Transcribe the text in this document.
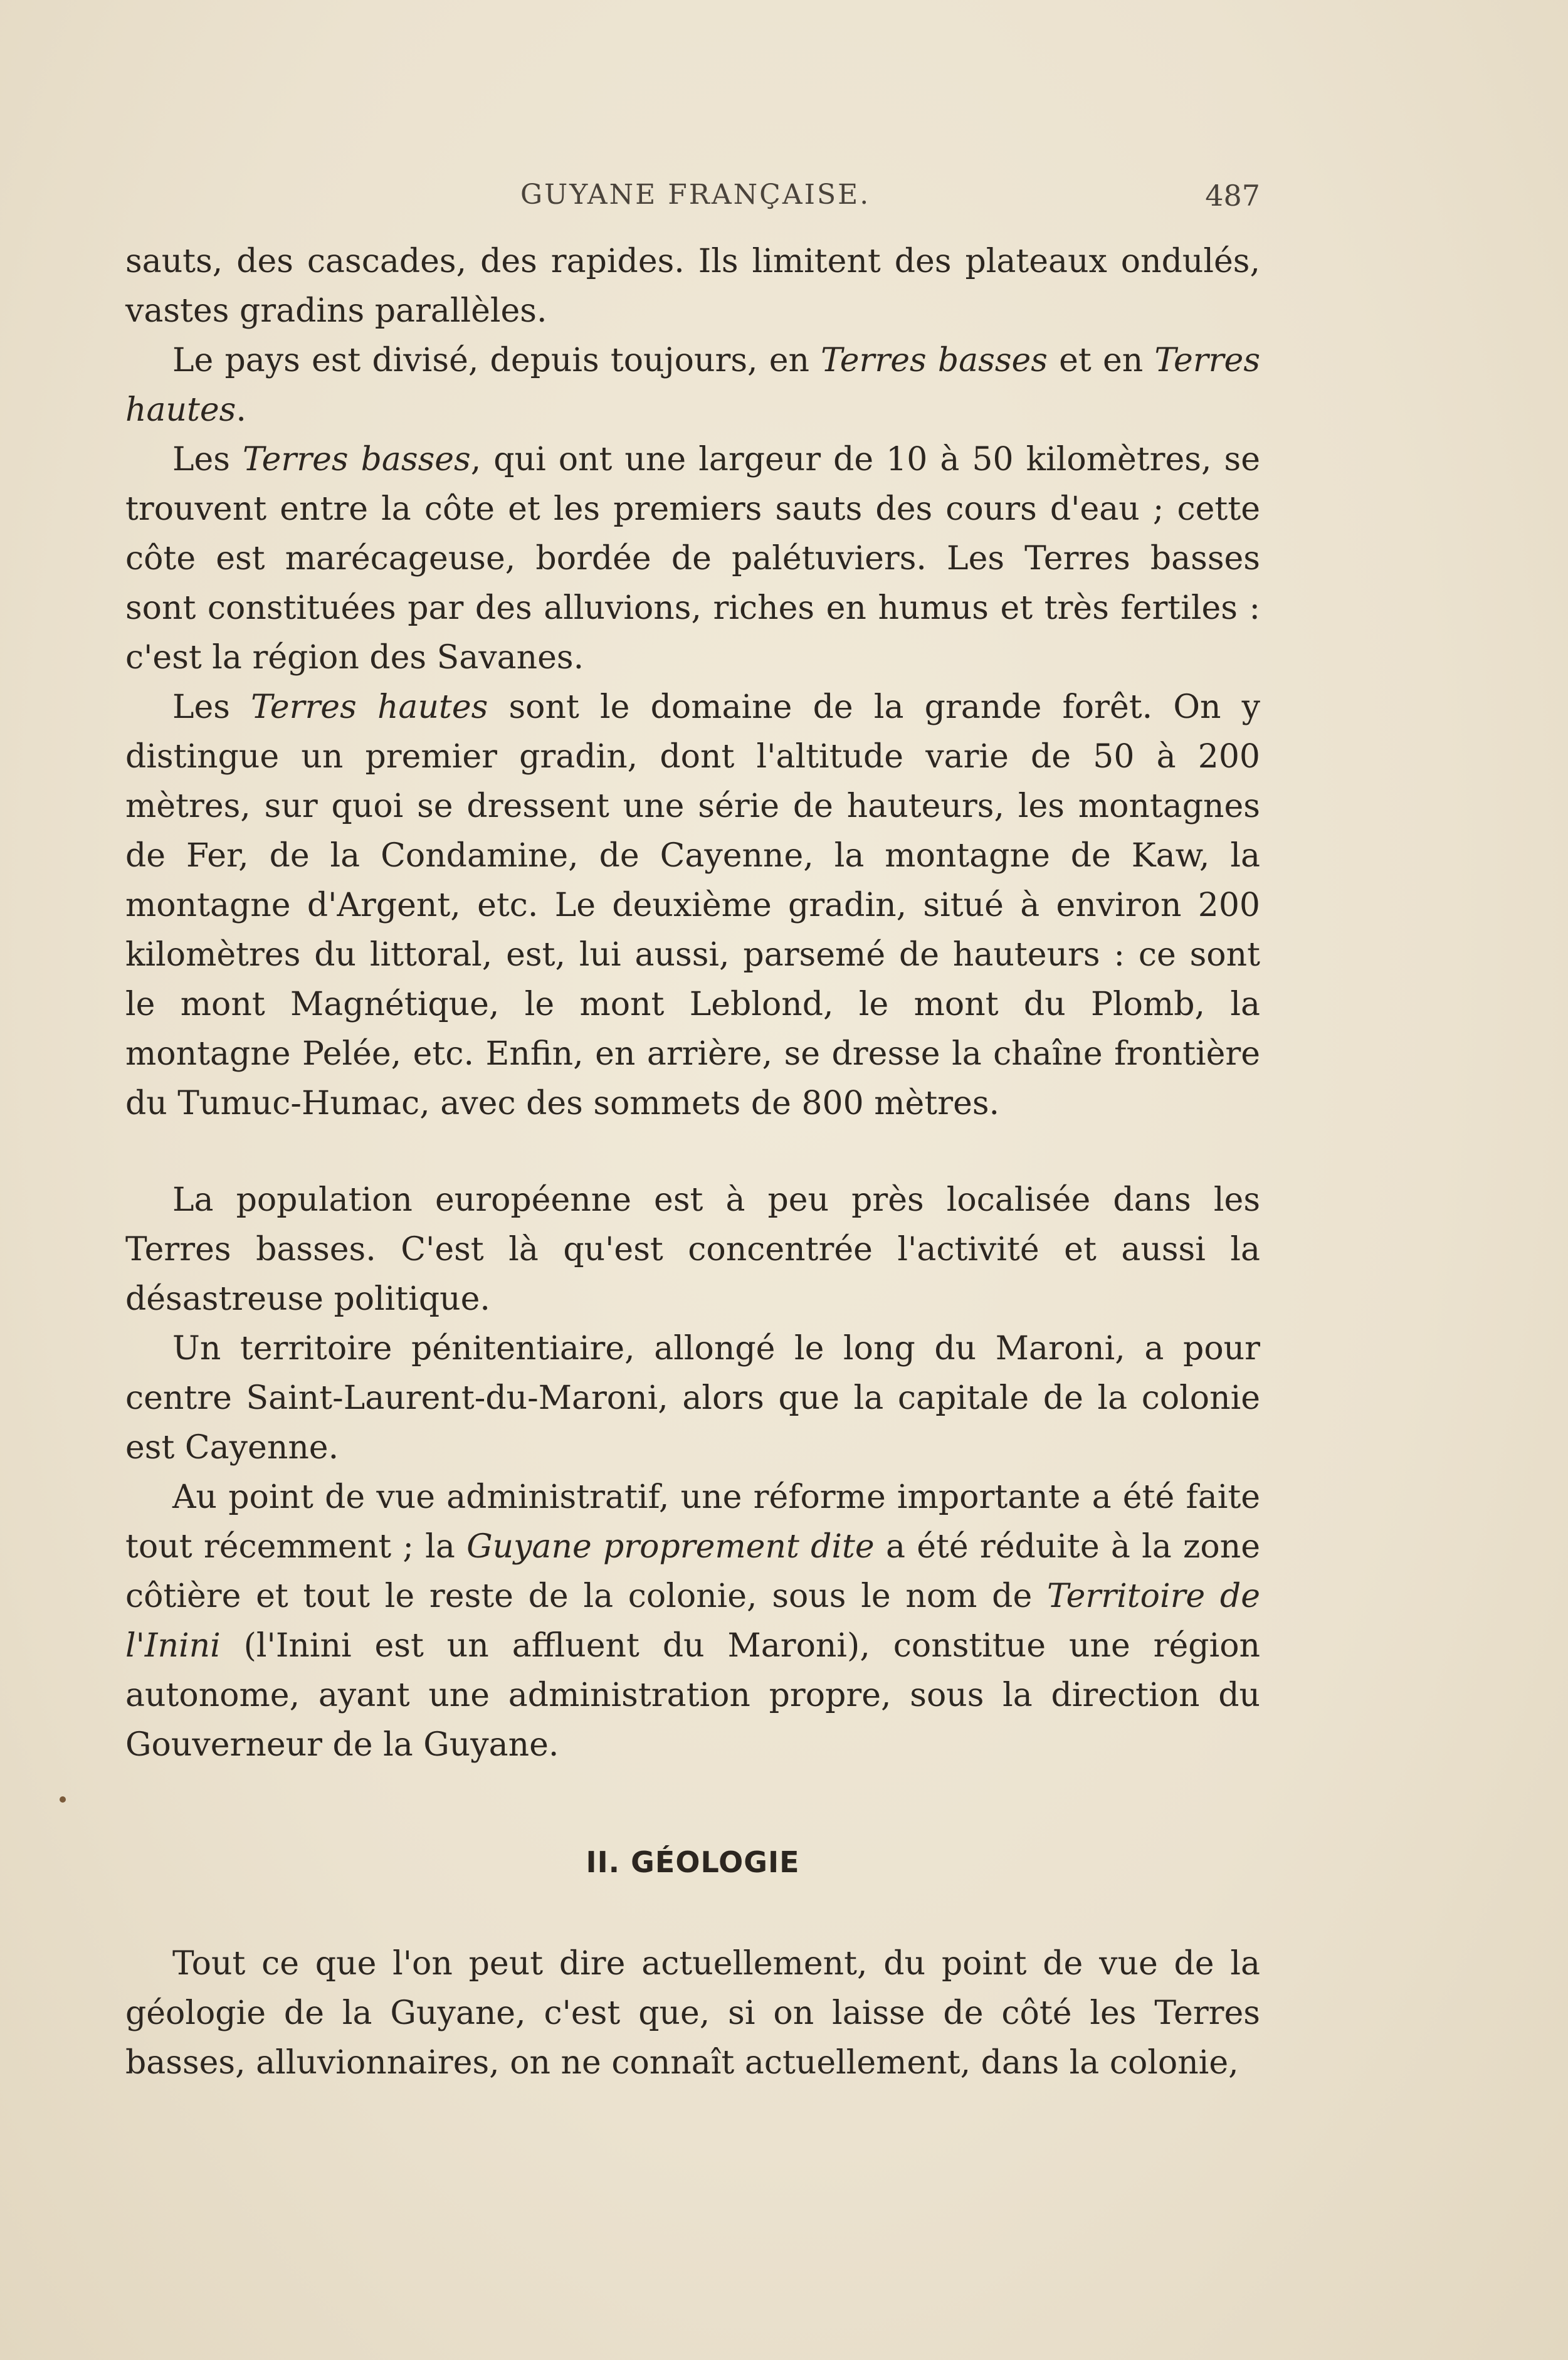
GUYANE FRANÇAISE.	487

sauts, des cascades, des rapides. Ils limitent des plateaux ondulés, vastes gradins parallèles.

Le pays est divisé, depuis toujours, en Terres basses et en Terres hautes.

Les Terres basses, qui ont une largeur de 10 à 50 kilomètres, se trouvent entre la côte et les premiers sauts des cours d'eau ; cette côte est marécageuse, bordée de palétuviers. Les Terres basses sont constituées par des alluvions, riches en humus et très fertiles : c'est la région des Savanes.

Les Terres hautes sont le domaine de la grande forêt. On y distingue un premier gradin, dont l'altitude varie de 50 à 200 mètres, sur quoi se dressent une série de hauteurs, les montagnes de Fer, de la Condamine, de Cayenne, la montagne de Kaw, la montagne d'Argent, etc. Le deuxième gradin, situé à environ 200 kilomètres du littoral, est, lui aussi, parsemé de hauteurs : ce sont le mont Magnétique, le mont Leblond, le mont du Plomb, la montagne Pelée, etc. Enfin, en arrière, se dresse la chaîne frontière du Tumuc-Humac, avec des sommets de 800 mètres.

La population européenne est à peu près localisée dans les Terres basses. C'est là qu'est concentrée l'activité et aussi la désastreuse politique.

Un territoire pénitentiaire, allongé le long du Maroni, a pour centre Saint-Laurent-du-Maroni, alors que la capitale de la colonie est Cayenne.

Au point de vue administratif, une réforme importante a été faite tout récemment ; la Guyane proprement dite a été réduite à la zone côtière et tout le reste de la colonie, sous le nom de Territoire de l'Inini (l'Inini est un affluent du Maroni), constitue une région autonome, ayant une administration propre, sous la direction du Gouverneur de la Guyane.

II. GÉOLOGIE

Tout ce que l'on peut dire actuellement, du point de vue de la géologie de la Guyane, c'est que, si on laisse de côté les Terres basses, alluvionnaires, on ne connaît actuellement, dans la colonie,
